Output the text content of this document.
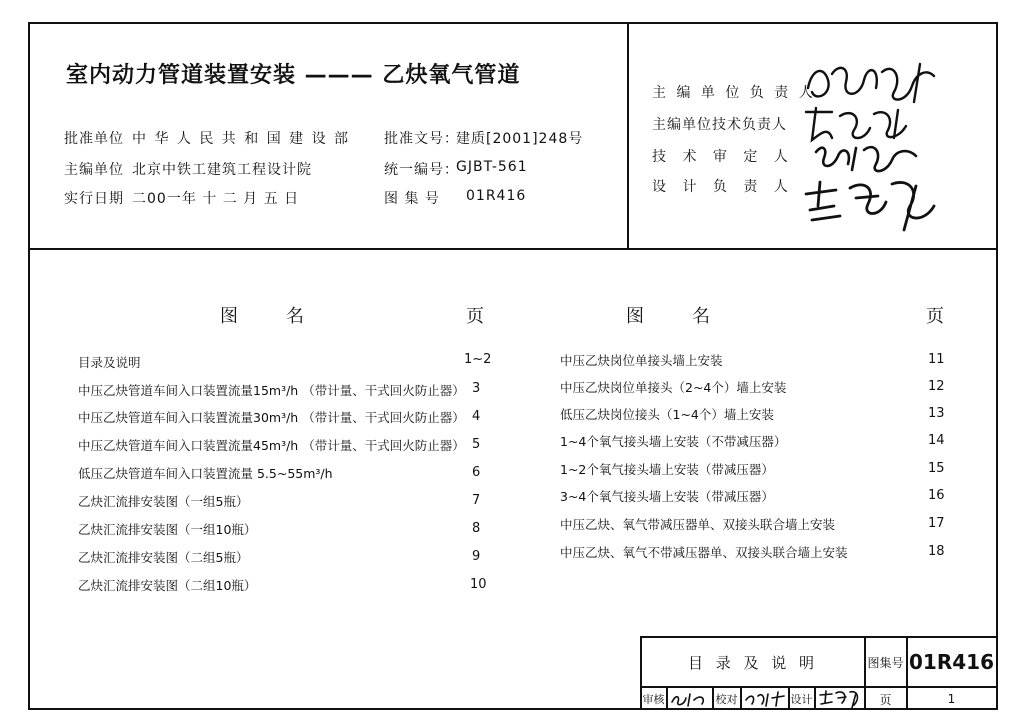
室内动力管道装置安装 ——— 乙炔氧气管道
批准单位 中 华 人 民 共 和 国 建 设 部
主编单位 北京中铁工建筑工程设计院
实行日期 二00一年 十 二 月 五 日
批准文号：
建质[2001]248号
统一编号：
GJBT-561
图 集 号 01R416
主 编 单 位 负 责 人
主编单位技术负责人
技 术 审 定 人
设 计 负 责 人
图　　名	页	图　　名	页
目录及说明	1~2
中压乙炔管道车间入口装置流量15m³/h （带计量、干式回火防止器） 3
中压乙炔管道车间入口装置流量30m³/h （带计量、干式回火防止器） 4
中压乙炔管道车间入口装置流量45m³/h （带计量、干式回火防止器） 5
低压乙炔管道车间入口装置流量 5.5~55m³/h	6
乙炔汇流排安装图（一组5瓶）	7
乙炔汇流排安装图（一组10瓶）	8
乙炔汇流排安装图（二组5瓶）	9
乙炔汇流排安装图（二组10瓶）	10
中压乙炔岗位单接头墙上安装	11
中压乙炔岗位单接头（2~4个）墙上安装	12
低压乙炔岗位接头（1~4个）墙上安装	13
1~4个氧气接头墙上安装（不带减压器）	14
1~2个氧气接头墙上安装（带减压器）	15
3~4个氧气接头墙上安装（带减压器）	16
中压乙炔、氧气带减压器单、双接头联合墙上安装	17
中压乙炔、氧气不带减压器单、双接头联合墙上安装	18
目 录 及 说 明	图集号 01R416
审核	校对	设计	页	1
